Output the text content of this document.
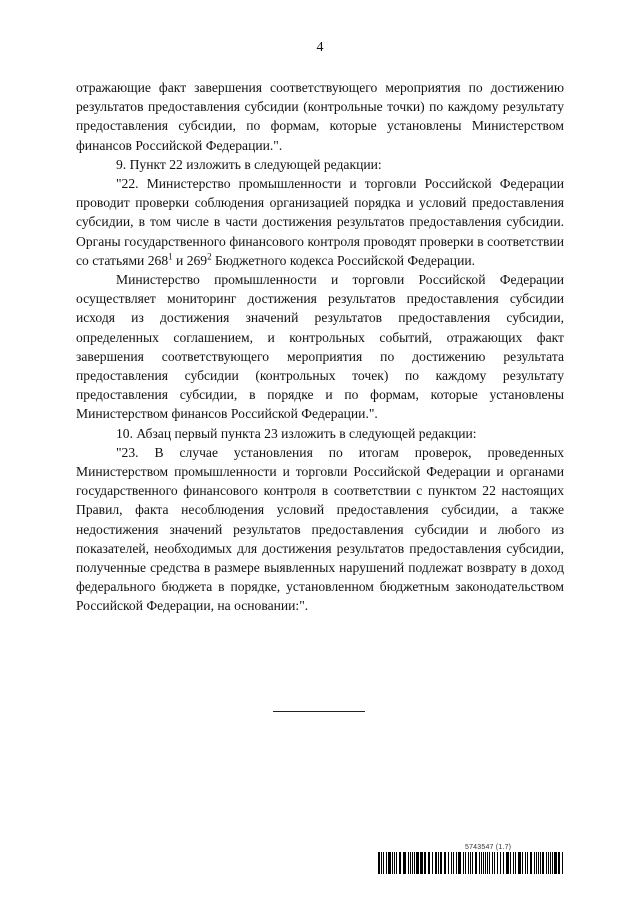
4

отражающие факт завершения соответствующего мероприятия по достижению результатов предоставления субсидии (контрольные точки) по каждому результату предоставления субсидии, по формам, которые установлены Министерством финансов Российской Федерации.".

9. Пункт 22 изложить в следующей редакции:

"22. Министерство промышленности и торговли Российской Федерации проводит проверки соблюдения организацией порядка и условий предоставления субсидии, в том числе в части достижения результатов предоставления субсидии. Органы государственного финансового контроля проводят проверки в соответствии со статьями $268^1$ и $269^2$ Бюджетного кодекса Российской Федерации.

Министерство промышленности и торговли Российской Федерации осуществляет мониторинг достижения результатов предоставления субсидии исходя из достижения значений результатов предоставления субсидии, определенных соглашением, и контрольных событий, отражающих факт завершения соответствующего мероприятия по достижению результата предоставления субсидии (контрольных точек) по каждому результату предоставления субсидии, в порядке и по формам, которые установлены Министерством финансов Российской Федерации.".

10. Абзац первый пункта 23 изложить в следующей редакции:

"23. В случае установления по итогам проверок, проведенных Министерством промышленности и торговли Российской Федерации и органами государственного финансового контроля в соответствии с пунктом 22 настоящих Правил, факта несоблюдения условий предоставления субсидии, а также недостижения значений результатов предоставления субсидии и любого из показателей, необходимых для достижения результатов предоставления субсидии, полученные средства в размере выявленных нарушений подлежат возврату в доход федерального бюджета в порядке, установленном бюджетным законодательством Российской Федерации, на основании:".

5743547 (1.7)
